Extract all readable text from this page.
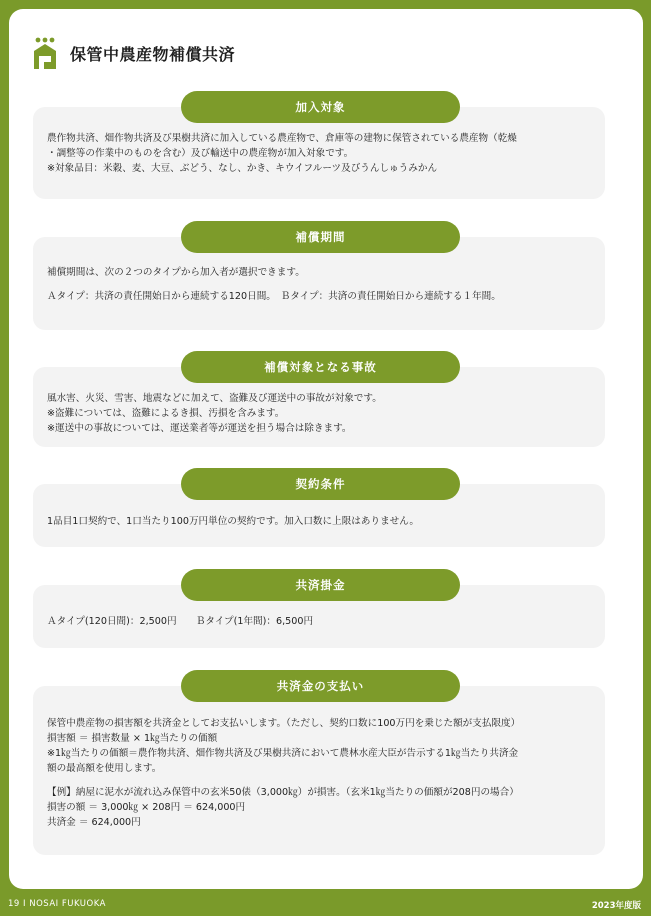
保管中農産物補償共済
加入対象

農作物共済、畑作物共済及び果樹共済に加入している農産物で、倉庫等の建物に保管されている農産物（乾燥

・調整等の作業中のものを含む）及び輸送中の農産物が加入対象です。

※対象品目：米穀、麦、大豆、ぶどう、なし、かき、キウイフルーツ及びうんしゅうみかん

補償期間

補償期間は、次の２つのタイプから加入者が選択できます。

Ａタイプ：共済の責任開始日から連続する120日間。　Ｂタイプ：共済の責任開始日から連続する１年間。

補償対象となる事故

風水害、火災、雪害、地震などに加えて、盗難及び運送中の事故が対象です。

※盗難については、盗難によるき損、汚損を含みます。

※運送中の事故については、運送業者等が運送を担う場合は除きます。

契約条件

1品目1口契約で、1口当たり100万円単位の契約です。加入口数に上限はありません。

共済掛金

Ａタイプ(120日間)：2,500円　　Ｂタイプ(1年間)：6,500円

共済金の支払い

保管中農産物の損害額を共済金としてお支払いします。（ただし、契約口数に100万円を乗じた額が支払限度）

損害額 ＝ 損害数量 × 1㎏当たりの価額

※1㎏当たりの価額＝農作物共済、畑作物共済及び果樹共済において農林水産大臣が告示する1㎏当たり共済金

額の最高額を使用します。

【例】納屋に泥水が流れ込み保管中の玄米50俵（3,000㎏）が損害。（玄米1㎏当たりの価額が208円の場合）

損害の額 ＝ 3,000㎏ × 208円 ＝ 624,000円

共済金 ＝ 624,000円

19 I NOSAI FUKUOKA	2023年度版
